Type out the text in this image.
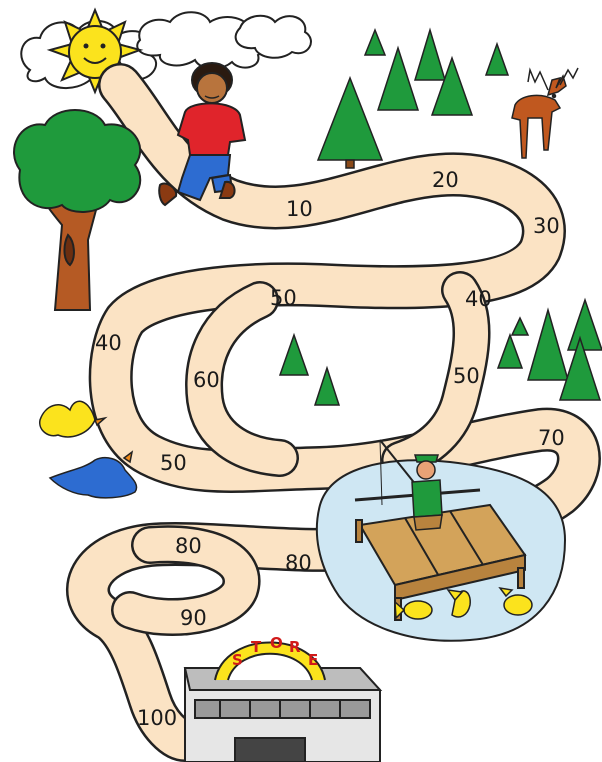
S
T O R
E
10
20
30
40
50
40
60	50
50
70
80
80
90
100
